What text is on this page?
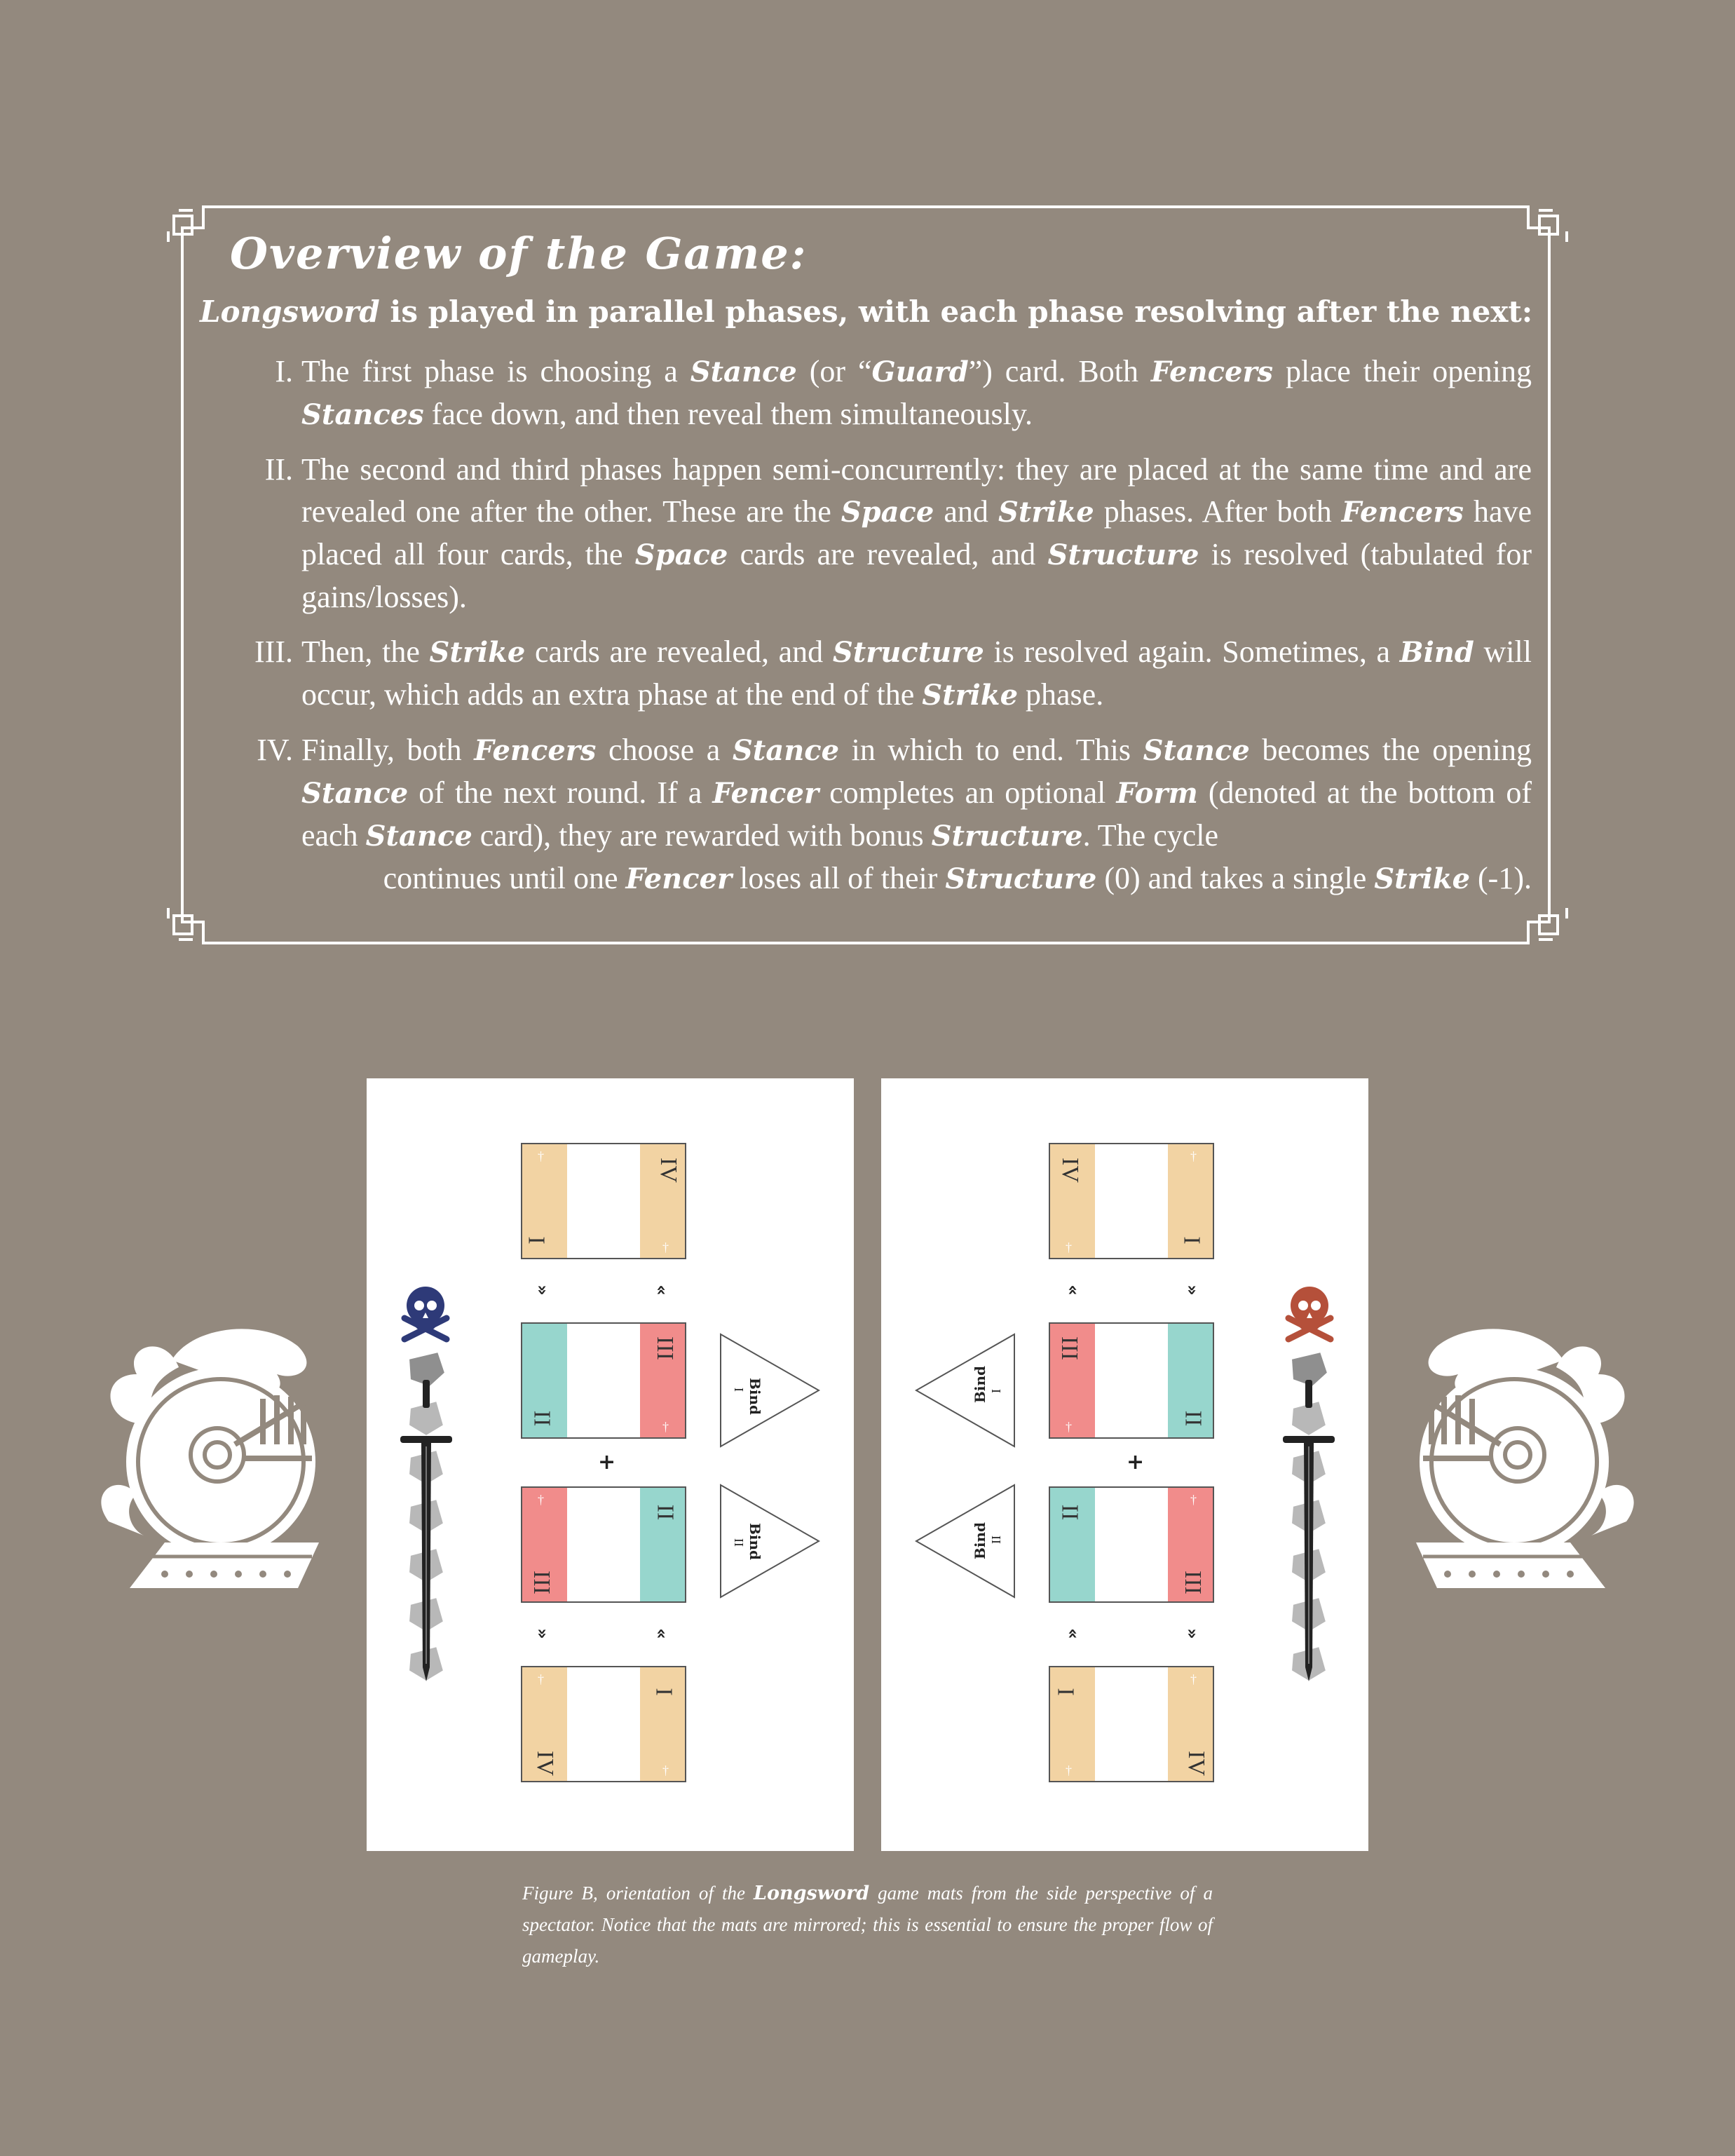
Overview of the Game:

Longsword is played in parallel phases, with each phase resolving after the next:

I. The first phase is choosing a Stance (or “Guard”) card. Both Fencers place their opening Stances face down, and then reveal them simultaneously.
II. The second and third phases happen semi-concurrently: they are placed at the same time and are revealed one after the other. These are the Space and Strike phases. After both Fencers have placed all four cards, the Space cards are revealed, and Structure is resolved (tabulated for gains/losses).
III. Then, the Strike cards are revealed, and Structure is resolved again. Sometimes, a Bind will occur, which adds an extra phase at the end of the Strike phase.
IV. Finally, both Fencers choose a Stance in which to end. This Stance becomes the opening Stance of the next round. If a Fencer completes an optional Form (denoted at the bottom of each Stance card), they are rewarded with bonus Structure. The cycle
continues until one Fencer loses all of their Structure (0) and takes a single Strike (-1).
I
IV
†
†
»	«
II
III
†
+
III
II
†
»	«
IV
I
†
†
Bind
I
Bind
II
Bind I
Bind II
IV
I
†
†
«	»
III
II
†
+
II
III
†
«	»
I
IV
†
†

Figure B, orientation of the Longsword game mats from the side perspective of a spectator. Notice that the mats are mirrored; this is essential to ensure the proper flow of gameplay.
